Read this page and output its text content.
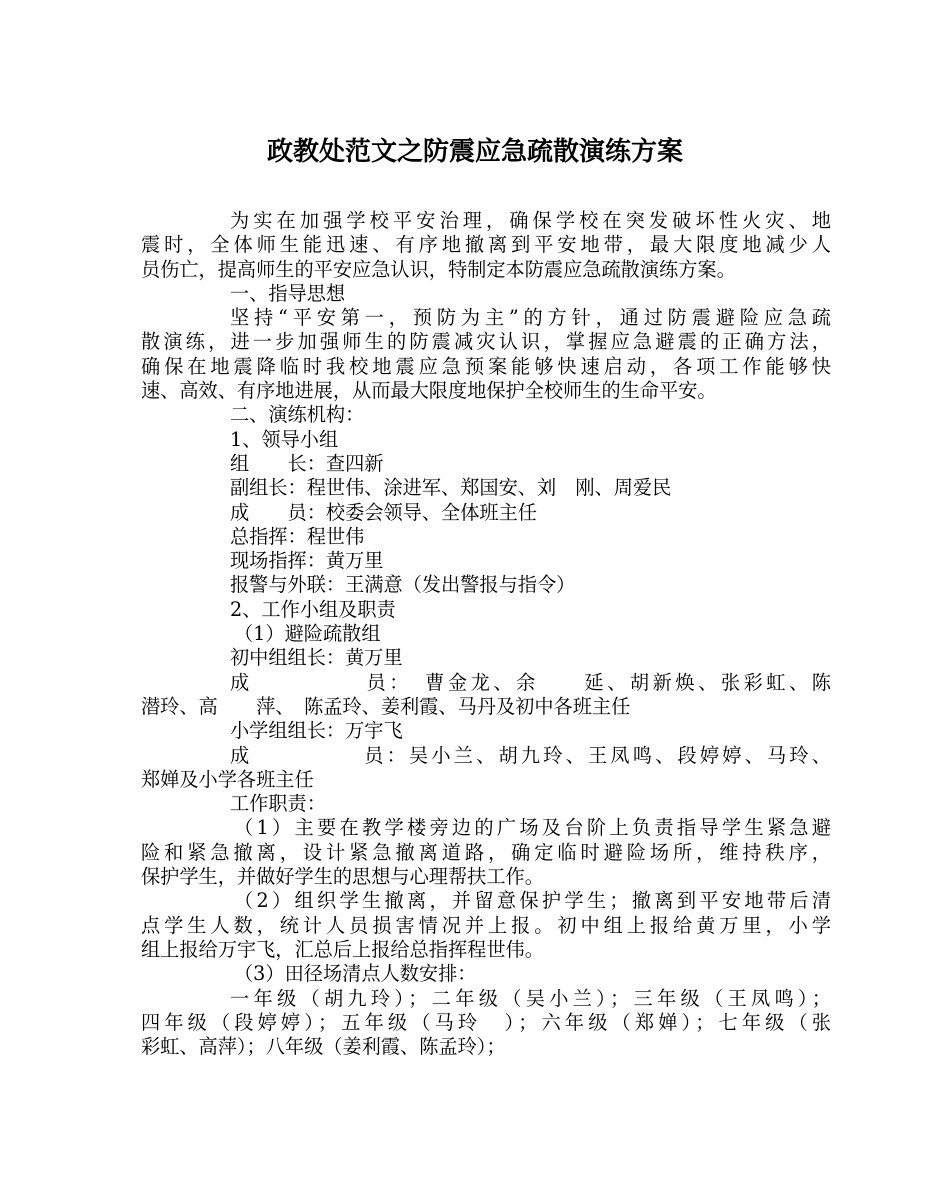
政教处范文之防震应急疏散演练方案

为实在加强学校平安治理，确保学校在突发破坏性火灾、地

震时，全体师生能迅速、有序地撤离到平安地带，最大限度地减少人

员伤亡，提高师生的平安应急认识，特制定本防震应急疏散演练方案。

一、指导思想

坚持“平安第一，预防为主”的方针，通过防震避险应急疏

散演练，进一步加强师生的防震减灾认识，掌握应急避震的正确方法，

确保在地震降临时我校地震应急预案能够快速启动，各项工作能够快

速、高效、有序地进展，从而最大限度地保护全校师生的生命平安。

二、演练机构：

1、领导小组

组　　长：查四新

副组长：程世伟、涂进军、郑国安、刘　刚、周爱民

成　　员：校委会领导、全体班主任

总指挥：程世伟

现场指挥：黄万里

报警与外联：王满意（发出警报与指令）

2、工作小组及职责

（1）避险疏散组

初中组组长：黄万里

成　　　　　员：　曹金龙、余　　延、胡新焕、张彩虹、陈

潜玲、高　　萍、　陈孟玲、姜利霞、马丹及初中各班主任

小学组组长：万宇飞

成　　　　　员：吴小兰、胡九玲、王凤鸣、段婷婷、马玲、

郑婵及小学各班主任

工作职责：

（1）主要在教学楼旁边的广场及台阶上负责指导学生紧急避

险和紧急撤离，设计紧急撤离道路，确定临时避险场所，维持秩序，

保护学生，并做好学生的思想与心理帮扶工作。

（2）组织学生撤离，并留意保护学生；撤离到平安地带后清

点学生人数，统计人员损害情况并上报。初中组上报给黄万里，小学

组上报给万宇飞，汇总后上报给总指挥程世伟。

（3）田径场清点人数安排：

一年级（胡九玲）；二年级（吴小兰）；三年级（王凤鸣）；

四年级（段婷婷）；五年级（马玲　）；六年级（郑婵）；七年级（张

彩虹、高萍）；八年级（姜利霞、陈孟玲）；
